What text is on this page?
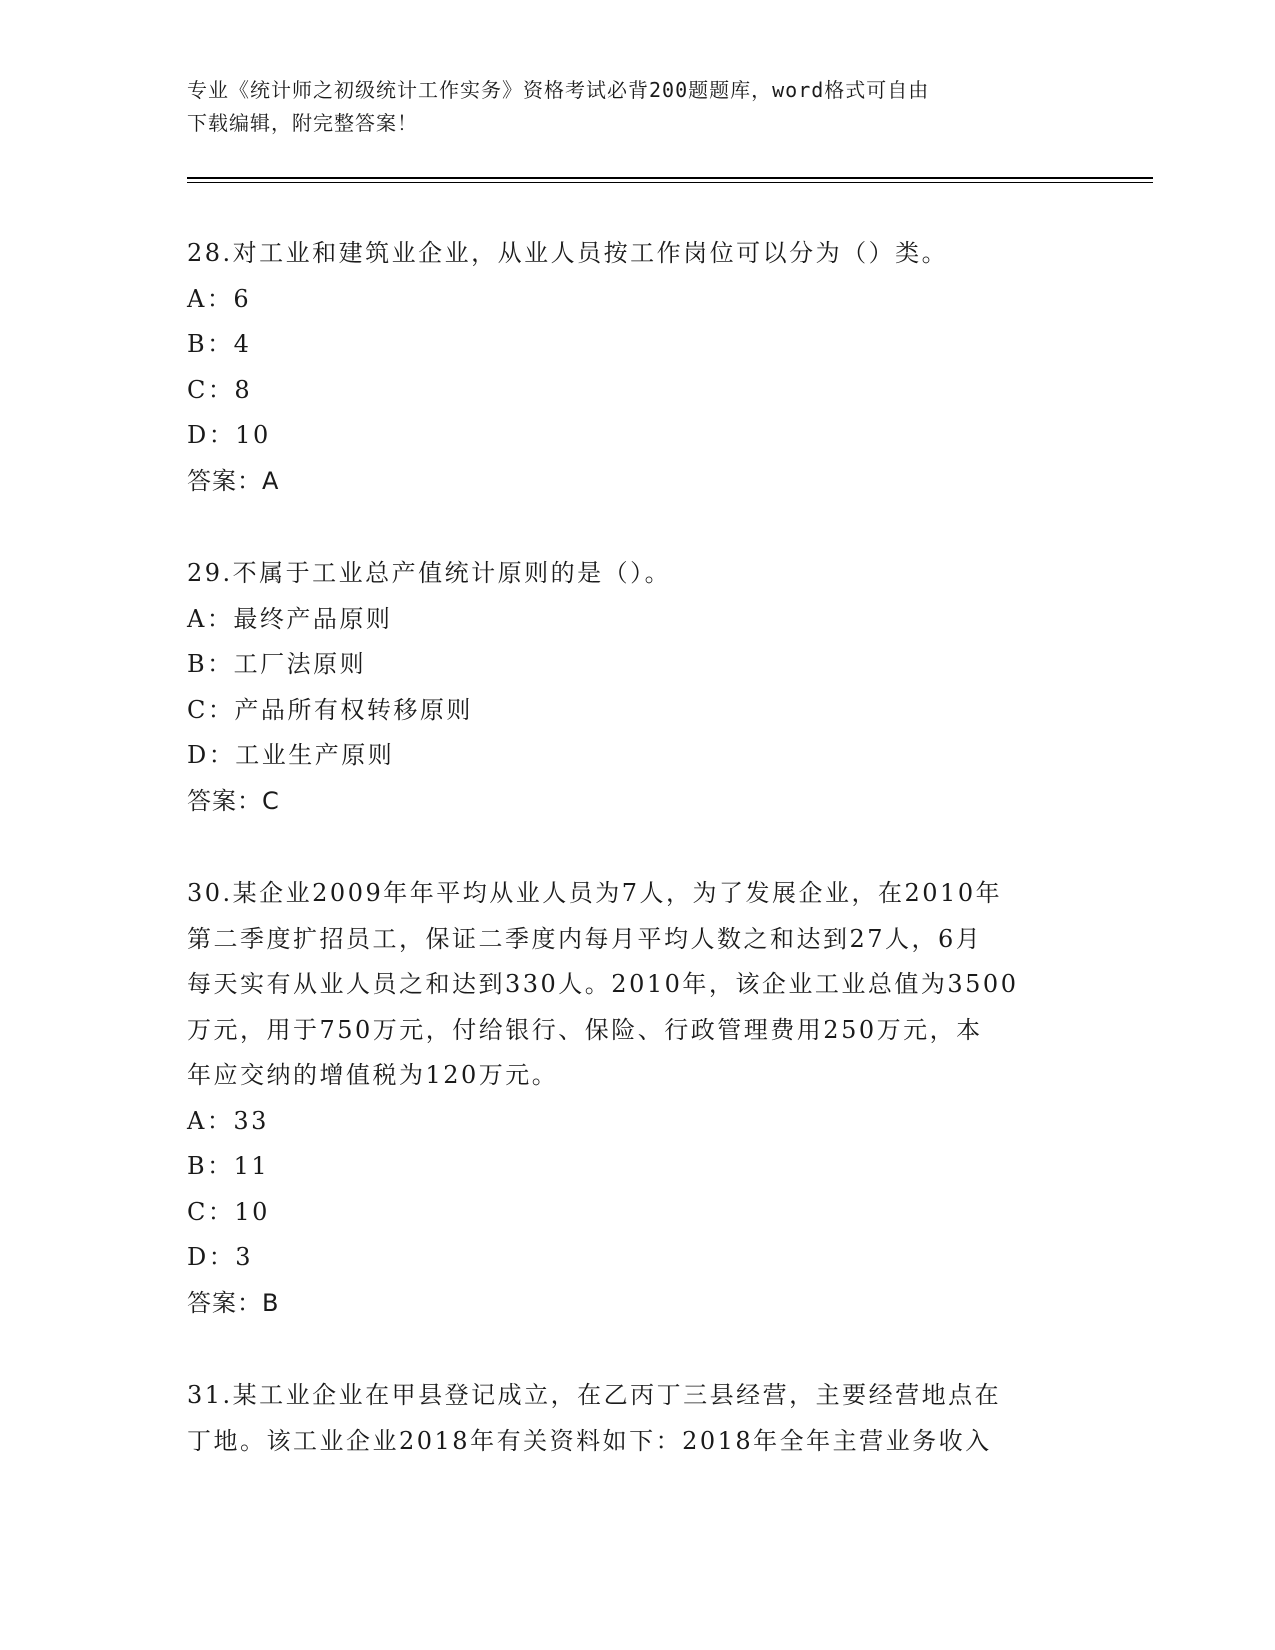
专业《统计师之初级统计工作实务》资格考试必背200题题库，word格式可自由
下载编辑，附完整答案！
28.对工业和建筑业企业，从业人员按工作岗位可以分为（）类。
A：6
B：4
C：8
D：10
答案：A
29.不属于工业总产值统计原则的是（）。
A：最终产品原则
B：工厂法原则
C：产品所有权转移原则
D：工业生产原则
答案：C
30.某企业2009年年平均从业人员为7人，为了发展企业，在2010年
第二季度扩招员工，保证二季度内每月平均人数之和达到27人，6月
每天实有从业人员之和达到330人。2010年，该企业工业总值为3500
万元，用于750万元，付给银行、保险、行政管理费用250万元，本
年应交纳的增值税为120万元。
A：33
B：11
C：10
D：3
答案：B
31.某工业企业在甲县登记成立，在乙丙丁三县经营，主要经营地点在
丁地。该工业企业2018年有关资料如下：2018年全年主营业务收入
